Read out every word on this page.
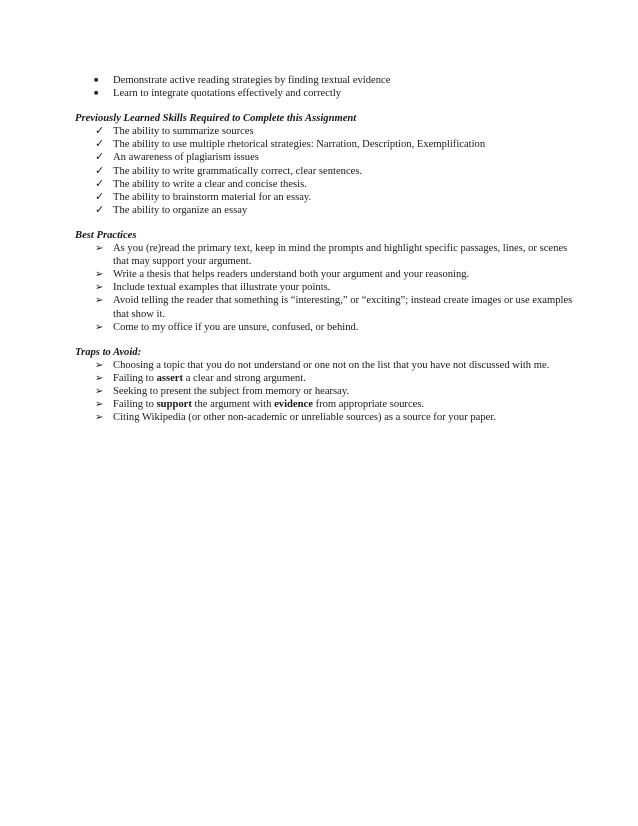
■ Demonstrate active reading strategies by finding textual evidence
■ Learn to integrate quotations effectively and correctly

Previously Learned Skills Required to Complete this Assignment

✓ The ability to summarize sources
✓ The ability to use multiple rhetorical strategies: Narration, Description, Exemplification
✓ An awareness of plagiarism issues
✓ The ability to write grammatically correct, clear sentences.
✓ The ability to write a clear and concise thesis.
✓ The ability to brainstorm material for an essay.
✓ The ability to organize an essay

Best Practices

➢ As you (re)read the primary text, keep in mind the prompts and highlight specific passages, lines, or scenes that may support your argument.
➢ Write a thesis that helps readers understand both your argument and your reasoning.
➢ Include textual examples that illustrate your points.
➢ Avoid telling the reader that something is “interesting,” or “exciting”; instead create images or use examples that show it.
➢ Come to my office if you are unsure, confused, or behind.

Traps to Avoid:

➢ Choosing a topic that you do not understand or one not on the list that you have not discussed with me.
➢ Failing to assert a clear and strong argument.
➢ Seeking to present the subject from memory or hearsay.
➢ Failing to support the argument with evidence from appropriate sources.
➢ Citing Wikipedia (or other non-academic or unreliable sources) as a source for your paper.
